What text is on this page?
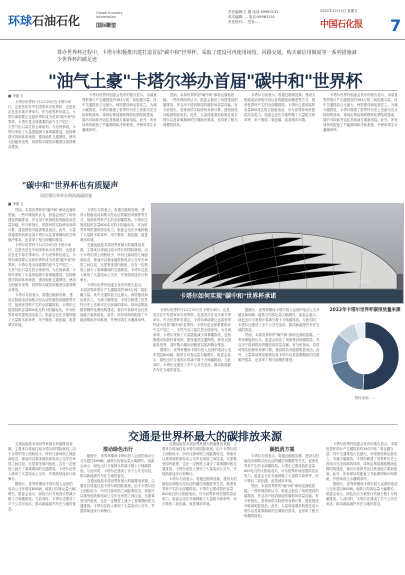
环球石油石化
Global Industry
Information
国际瞭望
责任编辑:王 刚 电话:59963132
美术编辑: … 电话:59963151
责任校对:… 签发:…
2022年12月2日 星期五
中国石化报 7
尊办世界杯过程中，卡塔尔积极推出建打造首届"碳中和"世界杯，采取了建设可再使用场馆，回路交通，购买碳信用额度等一系列措施减少世界杯的碳足迹
"油气土豪"卡塔尔举办首届"碳中和"世界杯
■ 李娅飞

卡塔尔世界杯于11月20日在卡塔尔举行，这是首次在中东国家举办世界杯，也是首次在北半球冬季举办。作为世界杯东道主，卡塔尔承诺要让这届世界杯成为首届"碳中和"世界杯。卡塔尔是全球重要的油气生产国之一，天然气出口量位居全球前列。为兑现承诺，卡塔尔采取了大量措施减少赛事碳排放，包括修建可拆卸体育场馆、建设地铁交通网络、使用太阳能发电等，同时购买碳信用额度以抵消剩余排放。

卡塔尔世界杯组委会发布的报告显示，本届世界杯预计产生碳排放约363万吨二氧化碳当量。其中交通排放占比最大，场馆建设和运营次之。为减少碳排放，卡塔尔修建了世界杯历史上首座可完全拆卸的球场，球场由集装箱和模块化钢结构建成，赛后可拆卸并运往其他地方重新组装。此外，所有球场均配备了节能照明和冷却系统，并使用再生水灌溉草坪。

然而，本届世界杯的"碳中和"承诺也面临质疑。一些环保组织认为，组委会低估了场馆建设的碳排放，并且用于抵消排放的碳信用质量存疑。有分析指出，若按场馆实际使用寿命计算，建设排放可能被明显低估。此外，大量球迷乘坐航班往返卡塔尔以及赛事期间的空调制冷需求，也带来了相当规模的排放。

卡塔尔方面表示，将通过植树造林、建设太阳能电站和购买经认证的碳信用额度等方式，抵消世界杯产生的全部碳排放。卡塔尔已建成装机容量800兆瓦的太阳能电站，可为世界杯场馆提供清洁电力。组委会还在多地种植了大量树木和草坪，用于吸收二氧化碳，改善城市环境。

卡塔尔世界杯组委会发布的报告显示，本届世界杯预计产生碳排放约363万吨二氧化碳当量。其中交通排放占比最大，场馆建设和运营次之。为减少碳排放，卡塔尔修建了世界杯历史上首座可完全拆卸的球场，球场由集装箱和模块化钢结构建成，赛后可拆卸并运往其他地方重新组装。此外，所有球场均配备了节能照明和冷却系统，并使用再生水灌溉草坪。

"碳中和"世界杯也有质疑声
场馆建设和举办期间减碳措施
■ 李娅飞

然而，本届世界杯的"碳中和"承诺也面临质疑。一些环保组织认为，组委会低估了场馆建设的碳排放，并且用于抵消排放的碳信用质量存疑。有分析指出，若按场馆实际使用寿命计算，建设排放可能被明显低估。此外，大量球迷乘坐航班往返卡塔尔以及赛事期间的空调制冷需求，也带来了相当规模的排放。

卡塔尔世界杯于11月20日在卡塔尔举行，这是首次在中东国家举办世界杯，也是首次在北半球冬季举办。作为世界杯东道主，卡塔尔承诺要让这届世界杯成为首届"碳中和"世界杯。卡塔尔是全球重要的油气生产国之一，天然气出口量位居全球前列。为兑现承诺，卡塔尔采取了大量措施减少赛事碳排放，包括修建可拆卸体育场馆、建设地铁交通网络、使用太阳能发电等，同时购买碳信用额度以抵消剩余排放。

卡塔尔方面表示，将通过植树造林、建设太阳能电站和购买经认证的碳信用额度等方式，抵消世界杯产生的全部碳排放。卡塔尔已建成装机容量800兆瓦的太阳能电站，可为世界杯场馆提供清洁电力。组委会还在多地种植了大量树木和草坪，用于吸收二氧化碳，改善城市环境。

卡塔尔方面表示，将通过植树造林、建设太阳能电站和购买经认证的碳信用额度等方式，抵消世界杯产生的全部碳排放。卡塔尔已建成装机容量800兆瓦的太阳能电站，可为世界杯场馆提供清洁电力。组委会还在多地种植了大量树木和草坪，用于吸收二氧化碳，改善城市环境。

交通运输是本届世界杯最大的碳排放来源，主要来自球迷往返卡塔尔的国际航班。由于卡塔尔国土面积较小，所有比赛场馆之间距离较近，球迷可以乘坐地铁和电动公交车在场馆之间往返，无需乘坐国内航班，这在一定程度上减少了赛事期间的交通排放。卡塔尔还投入使用了大量电动公交车，并鼓励球迷步行和骑行。

卡塔尔世界杯组委会发布的报告显示，本届世界杯预计产生碳排放约363万吨二氧化碳当量。其中交通排放占比最大，场馆建设和运营次之。为减少碳排放，卡塔尔修建了世界杯历史上首座可完全拆卸的球场，球场由集装箱和模块化钢结构建成，赛后可拆卸并运往其他地方重新组装。此外，所有球场均配备了节能照明和冷却系统，并使用再生水灌溉草坪。

卡塔尔如何实现"碳中和"世界杯承诺
新华社

卡塔尔世界杯于11月20日在卡塔尔举行，这是首次在中东国家举办世界杯，也是首次在北半球冬季举办。作为世界杯东道主，卡塔尔承诺要让这届世界杯成为首届"碳中和"世界杯。卡塔尔是全球重要的油气生产国之一，天然气出口量位居全球前列。为兑现承诺，卡塔尔采取了大量措施减少赛事碳排放，包括修建可拆卸体育场馆、建设地铁交通网络、使用太阳能发电等，同时购买碳信用额度以抵消剩余排放。

据统计，世界杯期间卡塔尔投入运营的电动公交车超过800辆，地铁日均客运量大幅增长。组委会表示，绿色出行方案预计将减少数十万吨碳排放。与此同时，卡塔尔还建设了多个公共充电站，推动新能源汽车在当地的普及。

据统计，世界杯期间卡塔尔投入运营的电动公交车超过800辆，地铁日均客运量大幅增长。组委会表示，绿色出行方案预计将减少数十万吨碳排放。与此同时，卡塔尔还建设了多个公共充电站，推动新能源汽车在当地的普及。

然而，本届世界杯的"碳中和"承诺也面临质疑。一些环保组织认为，组委会低估了场馆建设的碳排放，并且用于抵消排放的碳信用质量存疑。有分析指出，若按场馆实际使用寿命计算，建设排放可能被明显低估。此外，大量球迷乘坐航班往返卡塔尔以及赛事期间的空调制冷需求，也带来了相当规模的排放。

2022年卡塔尔世界杯碳排放量来源
资料来源：…
交通是世界杯最大的碳排放来源

交通运输是本届世界杯最大的碳排放来源，主要来自球迷往返卡塔尔的国际航班。由于卡塔尔国土面积较小，所有比赛场馆之间距离较近，球迷可以乘坐地铁和电动公交车在场馆之间往返，无需乘坐国内航班，这在一定程度上减少了赛事期间的交通排放。卡塔尔还投入使用了大量电动公交车，并鼓励球迷步行和骑行。

据统计，世界杯期间卡塔尔投入运营的电动公交车超过800辆，地铁日均客运量大幅增长。组委会表示，绿色出行方案预计将减少数十万吨碳排放。与此同时，卡塔尔还建设了多个公共充电站，推动新能源汽车在当地的普及。

推动绿色出行

据统计，世界杯期间卡塔尔投入运营的电动公交车超过800辆，地铁日均客运量大幅增长。组委会表示，绿色出行方案预计将减少数十万吨碳排放。与此同时，卡塔尔还建设了多个公共充电站，推动新能源汽车在当地的普及。

交通运输是本届世界杯最大的碳排放来源，主要来自球迷往返卡塔尔的国际航班。由于卡塔尔国土面积较小，所有比赛场馆之间距离较近，球迷可以乘坐地铁和电动公交车在场馆之间往返，无需乘坐国内航班，这在一定程度上减少了赛事期间的交通排放。卡塔尔还投入使用了大量电动公交车，并鼓励球迷步行和骑行。

交通运输是本届世界杯最大的碳排放来源，主要来自球迷往返卡塔尔的国际航班。由于卡塔尔国土面积较小，所有比赛场馆之间距离较近，球迷可以乘坐地铁和电动公交车在场馆之间往返，无需乘坐国内航班，这在一定程度上减少了赛事期间的交通排放。卡塔尔还投入使用了大量电动公交车，并鼓励球迷步行和骑行。

卡塔尔方面表示，将通过植树造林、建设太阳能电站和购买经认证的碳信用额度等方式，抵消世界杯产生的全部碳排放。卡塔尔已建成装机容量800兆瓦的太阳能电站，可为世界杯场馆提供清洁电力。组委会还在多地种植了大量树木和草坪，用于吸收二氧化碳，改善城市环境。

碳抵消方案

卡塔尔方面表示，将通过植树造林、建设太阳能电站和购买经认证的碳信用额度等方式，抵消世界杯产生的全部碳排放。卡塔尔已建成装机容量800兆瓦的太阳能电站，可为世界杯场馆提供清洁电力。组委会还在多地种植了大量树木和草坪，用于吸收二氧化碳，改善城市环境。

然而，本届世界杯的"碳中和"承诺也面临质疑。一些环保组织认为，组委会低估了场馆建设的碳排放，并且用于抵消排放的碳信用质量存疑。有分析指出，若按场馆实际使用寿命计算，建设排放可能被明显低估。此外，大量球迷乘坐航班往返卡塔尔以及赛事期间的空调制冷需求，也带来了相当规模的排放。

卡塔尔世界杯组委会发布的报告显示，本届世界杯预计产生碳排放约363万吨二氧化碳当量。其中交通排放占比最大，场馆建设和运营次之。为减少碳排放，卡塔尔修建了世界杯历史上首座可完全拆卸的球场，球场由集装箱和模块化钢结构建成，赛后可拆卸并运往其他地方重新组装。此外，所有球场均配备了节能照明和冷却系统，并使用再生水灌溉草坪。

据统计，世界杯期间卡塔尔投入运营的电动公交车超过800辆，地铁日均客运量大幅增长。组委会表示，绿色出行方案预计将减少数十万吨碳排放。与此同时，卡塔尔还建设了多个公共充电站，推动新能源汽车在当地的普及。
